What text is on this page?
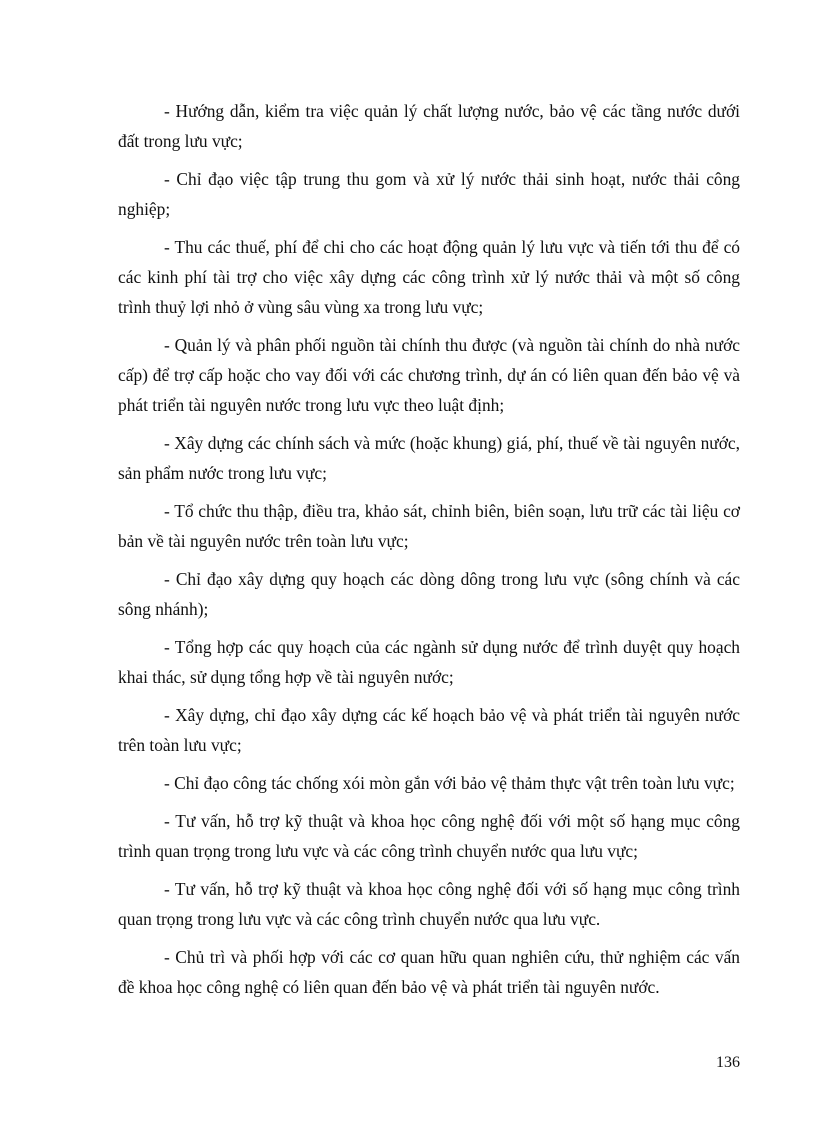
- Hướng dẫn, kiểm tra việc quản lý chất lượng nước, bảo vệ các tầng nước dưới đất trong lưu vực;

- Chỉ đạo việc tập trung thu gom và xử lý nước thải sinh hoạt, nước thải công nghiệp;

- Thu các thuế, phí để chi cho các hoạt động quản lý lưu vực và tiến tới thu để có các kinh phí tài trợ cho việc xây dựng các công trình xử lý nước thải và một số công trình thuỷ lợi nhỏ ở vùng sâu vùng xa trong lưu vực;

- Quản lý và phân phối nguồn tài chính thu được (và nguồn tài chính do nhà nước cấp) để trợ cấp hoặc cho vay đối với các chương trình, dự án có liên quan đến bảo vệ và phát triển tài nguyên nước trong lưu vực theo luật định;

- Xây dựng các chính sách và mức (hoặc khung) giá, phí, thuế về tài nguyên nước, sản phẩm nước trong lưu vực;

- Tổ chức thu thập, điều tra, khảo sát, chỉnh biên, biên soạn, lưu trữ các tài liệu cơ bản về tài nguyên nước trên toàn lưu vực;

- Chỉ đạo xây dựng quy hoạch các dòng dông trong lưu vực (sông chính và các sông nhánh);

- Tổng hợp các quy hoạch của các ngành sử dụng nước để trình duyệt quy hoạch khai thác, sử dụng tổng hợp về tài nguyên nước;

- Xây dựng, chỉ đạo xây dựng các kế hoạch bảo vệ và phát triển tài nguyên nước trên toàn lưu vực;

- Chỉ đạo công tác chống xói mòn gắn với bảo vệ thảm thực vật trên toàn lưu vực;

- Tư vấn, hỗ trợ kỹ thuật và khoa học công nghệ đối với một số hạng mục công trình quan trọng trong lưu vực và các công trình chuyển nước qua lưu vực;

- Tư vấn, hỗ trợ kỹ thuật và khoa học công nghệ đối với số hạng mục công trình quan trọng trong lưu vực và các công trình chuyển nước qua lưu vực.

- Chủ trì và phối hợp với các cơ quan hữu quan nghiên cứu, thử nghiệm các vấn đề khoa học công nghệ có liên quan đến bảo vệ và phát triển tài nguyên nước.

136
